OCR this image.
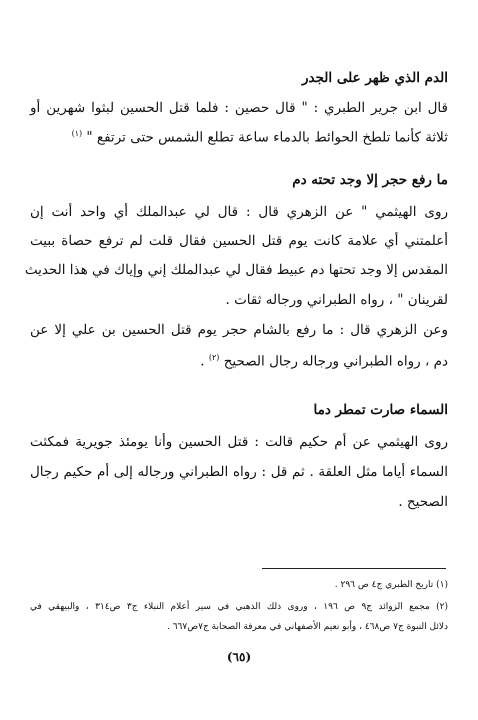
الدم الذي ظهر على الجدر
قال ابن جرير الطبري : " قال حصين : فلما قتل الحسين لبثوا شهرين أو
ثلاثة كأنما تلطخ الحوائط بالدماء ساعة تطلع الشمس حتى ترتفع " $^{(١)}$
ما رفع حجر إلا وجد تحته دم
روى الهيثمي " عن الزهري قال : قال لي عبدالملك أي واحد أنت إن
أعلمتني أي علامة كانت يوم قتل الحسين فقال قلت لم ترفع حصاة ببيت
المقدس إلا وجد تحتها دم عبيط فقال لي عبدالملك إني وإياك في هذا الحديث
لقرينان " ، رواه الطبراني ورجاله ثقات .
وعن الزهري قال : ما رفع بالشام حجر يوم قتل الحسين بن علي إلا عن
دم ، رواه الطبراني ورجاله رجال الصحيح $^{(٢)}$ .
السماء صارت تمطر دما
روى الهيثمي عن أم حكيم قالت : قتل الحسين وأنا يومئذ جويرية فمكثت
السماء أياما مثل العلقة . ثم قل : رواه الطبراني ورجاله إلى أم حكيم رجال
الصحيح .
(١) تاريخ الطبري ج٤ ص ٢٩٦ .
(٢) مجمع الزوائد ج٩ ص ١٩٦ ، وروى ذلك الذهبي في سير أعلام النبلاء ج٣ ص٣١٤ ، والبيهقي في
دلائل النبوة ج٧ ص٤٦٨ ، وأبو نعيم الأصفهاني في معرفة الصحابة ج٧ص٦٦٧ .
(٦٥)
